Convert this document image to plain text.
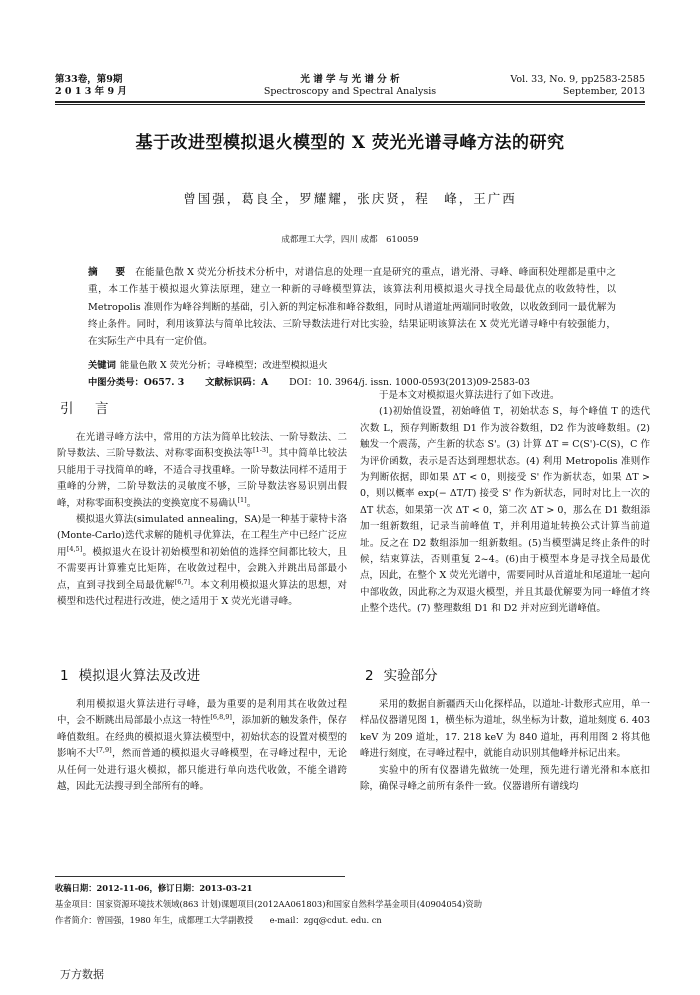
第33卷，第9期
2 0 1 3 年 9 月
光 谱 学 与 光 谱 分 析
Spectroscopy and Spectral Analysis
Vol. 33, No. 9, pp2583-2585
September, 2013
基于改进型模拟退火模型的 X 荧光光谱寻峰方法的研究
曾国强，葛良全，罗耀耀，张庆贤，程　峰，王广西
成都理工大学，四川 成都　610059
摘　要 在能量色散 X 荧光分析技术分析中，对谱信息的处理一直是研究的重点，谱光滑、寻峰、峰面积处理都是重中之重，本工作基于模拟退火算法原理，建立一种新的寻峰模型算法，该算法利用模拟退火寻找全局最优点的收敛特性，以 Metropolis 准则作为峰谷判断的基础，引入新的判定标准和峰谷数组，同时从谱道址两端同时收敛，以收敛到同一最优解为终止条件。同时，利用该算法与简单比较法、三阶导数法进行对比实验，结果证明该算法在 X 荧光光谱寻峰中有较强能力，在实际生产中具有一定价值。
关键词 能量色散 X 荧光分析；寻峰模型；改进型模拟退火
中图分类号：O657. 3 文献标识码：A DOI：10. 3964/j. issn. 1000-0593(2013)09-2583-03
引　言

在光谱寻峰方法中，常用的方法为简单比较法、一阶导数法、二阶导数法、三阶导数法、对称零面积变换法等[1-3]。其中简单比较法只能用于寻找简单的峰，不适合寻找重峰。一阶导数法同样不适用于重峰的分辨，二阶导数法的灵敏度不够，三阶导数法容易识别出假峰，对称零面积变换法的变换宽度不易确认[1]。

模拟退火算法(simulated annealing，SA)是一种基于蒙特卡洛(Monte-Carlo)迭代求解的随机寻优算法，在工程生产中已经广泛应用[4,5]。模拟退火在设计初始模型和初始值的选择空间都比较大，且不需要再计算雅克比矩阵，在收敛过程中，会跳入并跳出局部最小点，直到寻找到全局最优解[6,7]。本文利用模拟退火算法的思想，对模型和迭代过程进行改进，使之适用于 X 荧光光谱寻峰。

1 模拟退火算法及改进

利用模拟退火算法进行寻峰，最为重要的是利用其在收敛过程中，会不断跳出局部最小点这一特性[6,8,9]，添加新的触发条件，保存峰值数组。在经典的模拟退火算法模型中，初始状态的设置对模型的影响不大[7,9]，然而普通的模拟退火寻峰模型，在寻峰过程中，无论从任何一处进行退火模拟，都只能进行单向迭代收敛，不能全谱跨越，因此无法搜寻到全部所有的峰。

于是本文对模拟退火算法进行了如下改进。

(1)初始值设置，初始峰值 T，初始状态 S，每个峰值 T 的迭代次数 L，预存判断数组 D1 作为波谷数组，D2 作为波峰数组。(2) 触发一个震荡，产生新的状态 S'。(3) 计算 ΔT = C(S')-C(S)，C 作为评价函数，表示是否达到理想状态。(4) 利用 Metropolis 准则作为判断依据，即如果 ΔT < 0，则接受 S' 作为新状态，如果 ΔT > 0，则以概率 exp(− ΔT/T) 接受 S' 作为新状态，同时对比上一次的 ΔT 状态，如果第一次 ΔT < 0，第二次 ΔT > 0，那么在 D1 数组添加一组新数组，记录当前峰值 T，并利用道址转换公式计算当前道址。反之在 D2 数组添加一组新数组。(5)当模型满足终止条件的时候，结束算法，否则重复 2~4。(6)由于模型本身是寻找全局最优点，因此，在整个 X 荧光光谱中，需要同时从首道址和尾道址一起向中部收敛，因此称之为双退火模型，并且其最优解要为同一峰值才终止整个迭代。(7) 整理数组 D1 和 D2 并对应到光谱峰值。

2 实验部分

采用的数据自新疆西天山化探样品，以道址-计数形式应用，单一样品仪器谱见图 1，横坐标为道址，纵坐标为计数，道址刻度 6. 403 keV 为 209 道址，17. 218 keV 为 840 道址，再利用图 2 将其他峰进行刻度，在寻峰过程中，就能自动识别其他峰并标记出来。

实验中的所有仪器谱先做统一处理，预先进行谱光滑和本底扣除，确保寻峰之前所有条件一致。仪器谱所有谱线均

收稿日期：2012-11-06，修订日期：2013-03-21
基金项目：国家资源环境技术领域(863 计划)课题项目(2012AA061803)和国家自然科学基金项目(40904054)资助
作者简介：曾国强，1980 年生，成都理工大学副教授　　e-mail：zgq@cdut. edu. cn
万方数据
